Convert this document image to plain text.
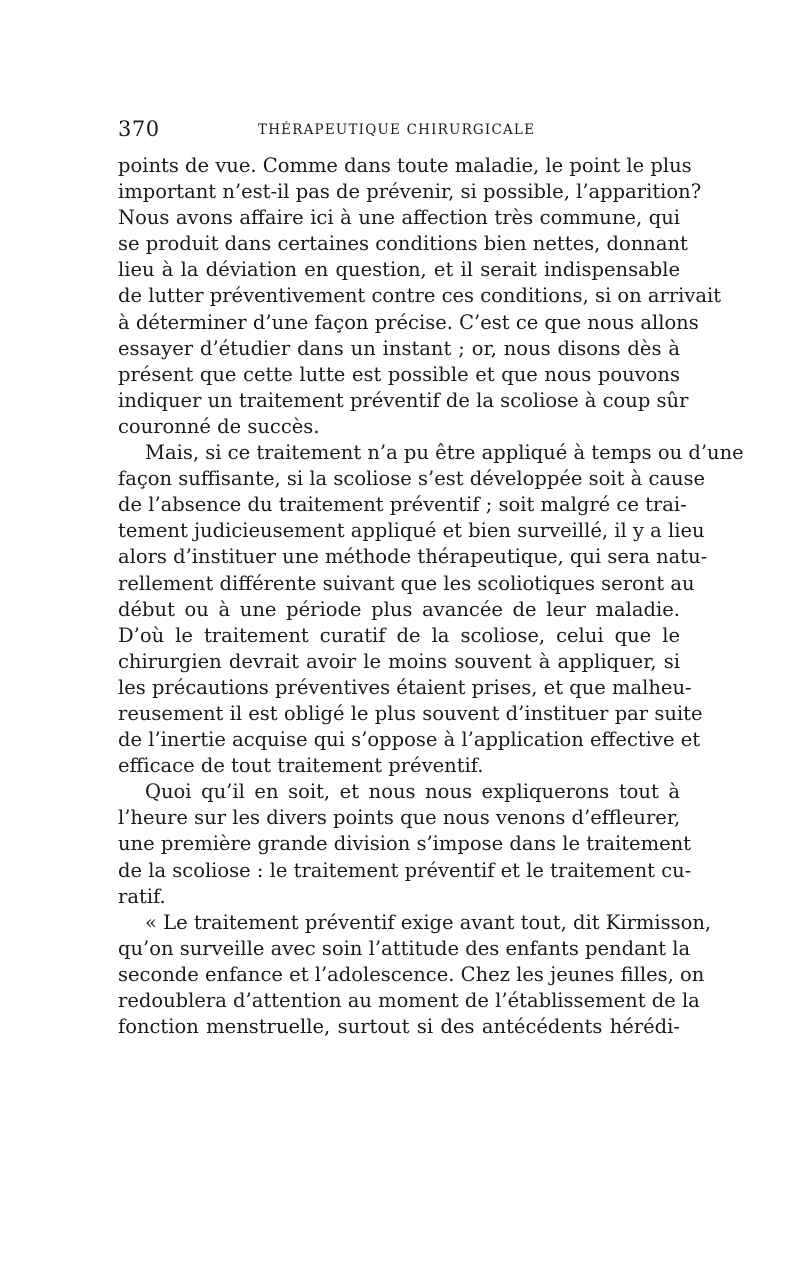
370	THÉRAPEUTIQUE CHIRURGICALE
points de vue. Comme dans toute maladie, le point le plus
important n’est-il pas de prévenir, si possible, l’apparition?
Nous avons affaire ici à une affection très commune, qui
se produit dans certaines conditions bien nettes, donnant
lieu à la déviation en question, et il serait indispensable
de lutter préventivement contre ces conditions, si on arrivait
à déterminer d’une façon précise. C’est ce que nous allons
essayer d’étudier dans un instant ; or, nous disons dès à
présent que cette lutte est possible et que nous pouvons
indiquer un traitement préventif de la scoliose à coup sûr
couronné de succès.
Mais, si ce traitement n’a pu être appliqué à temps ou d’une
façon suffisante, si la scoliose s’est développée soit à cause
de l’absence du traitement préventif ; soit malgré ce trai-
tement judicieusement appliqué et bien surveillé, il y a lieu
alors d’instituer une méthode thérapeutique, qui sera natu-
rellement différente suivant que les scoliotiques seront au
début ou à une période plus avancée de leur maladie.
D’où le traitement curatif de la scoliose, celui que le
chirurgien devrait avoir le moins souvent à appliquer, si
les précautions préventives étaient prises, et que malheu-
reusement il est obligé le plus souvent d’instituer par suite
de l’inertie acquise qui s’oppose à l’application effective et
efficace de tout traitement préventif.
Quoi qu’il en soit, et nous nous expliquerons tout à
l’heure sur les divers points que nous venons d’effleurer,
une première grande division s’impose dans le traitement
de la scoliose : le traitement préventif et le traitement cu-
ratif.
« Le traitement préventif exige avant tout, dit Kirmisson,
qu’on surveille avec soin l’attitude des enfants pendant la
seconde enfance et l’adolescence. Chez les jeunes filles, on
redoublera d’attention au moment de l’établissement de la
fonction menstruelle, surtout si des antécédents hérédi-
